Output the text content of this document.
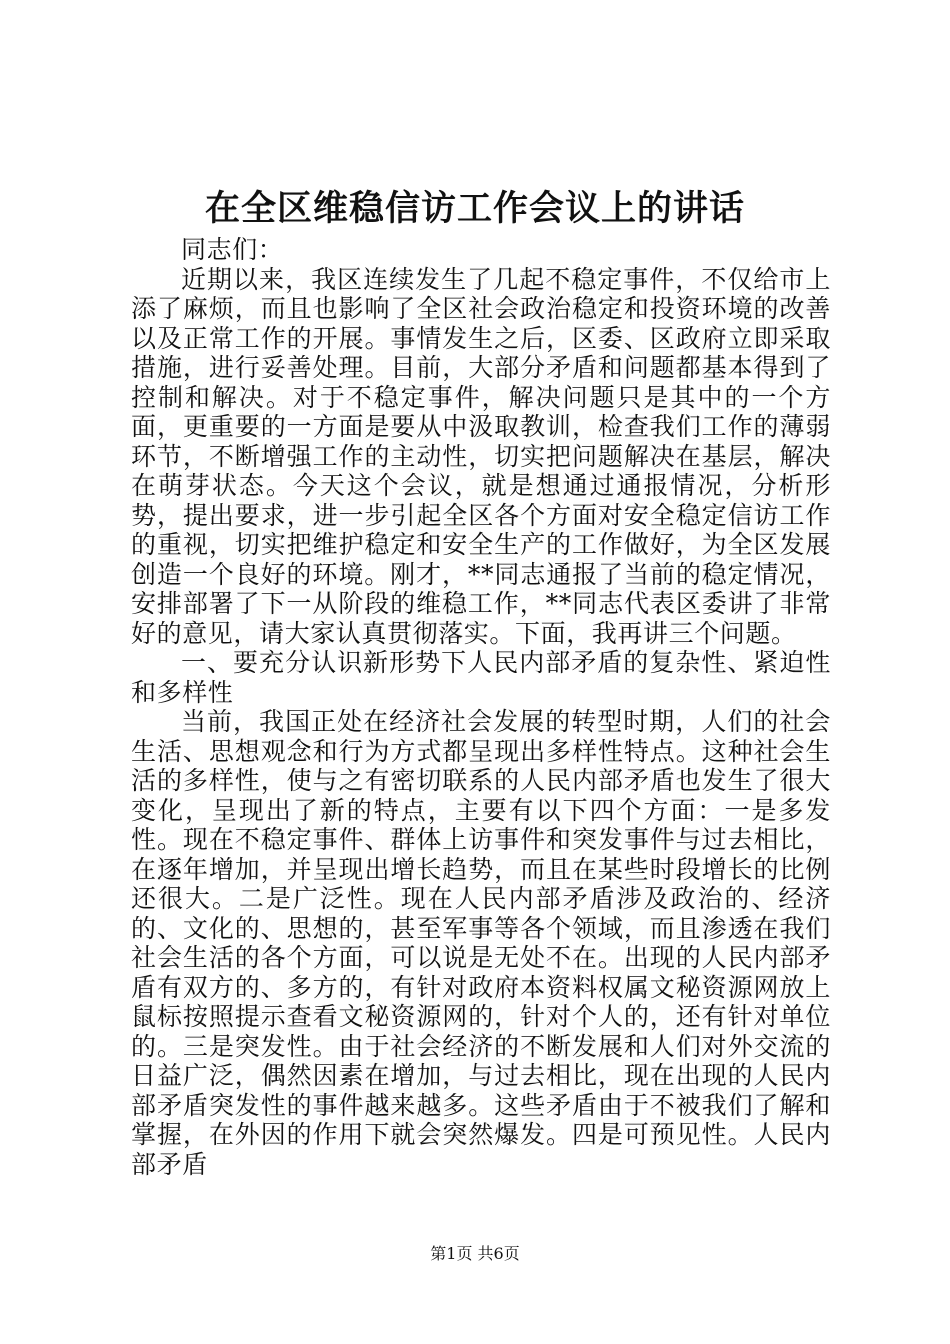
在全区维稳信访工作会议上的讲话

同志们：

近期以来，我区连续发生了几起不稳定事件，不仅给市上添了麻烦，而且也影响了全区社会政治稳定和投资环境的改善以及正常工作的开展。事情发生之后，区委、区政府立即采取措施，进行妥善处理。目前，大部分矛盾和问题都基本得到了控制和解决。对于不稳定事件，解决问题只是其中的一个方面，更重要的一方面是要从中汲取教训，检查我们工作的薄弱环节，不断增强工作的主动性，切实把问题解决在基层，解决在萌芽状态。今天这个会议，就是想通过通报情况，分析形势，提出要求，进一步引起全区各个方面对安全稳定信访工作的重视，切实把维护稳定和安全生产的工作做好，为全区发展创造一个良好的环境。刚才，**同志通报了当前的稳定情况，安排部署了下一从阶段的维稳工作，**同志代表区委讲了非常好的意见，请大家认真贯彻落实。下面，我再讲三个问题。

一、要充分认识新形势下人民内部矛盾的复杂性、紧迫性和多样性

当前，我国正处在经济社会发展的转型时期，人们的社会生活、思想观念和行为方式都呈现出多样性特点。这种社会生活的多样性，使与之有密切联系的人民内部矛盾也发生了很大变化，呈现出了新的特点，主要有以下四个方面：一是多发性。现在不稳定事件、群体上访事件和突发事件与过去相比，在逐年增加，并呈现出增长趋势，而且在某些时段增长的比例还很大。二是广泛性。现在人民内部矛盾涉及政治的、经济的、文化的、思想的，甚至军事等各个领域，而且渗透在我们社会生活的各个方面，可以说是无处不在。出现的人民内部矛盾有双方的、多方的，有针对政府本资料权属文秘资源网放上鼠标按照提示查看文秘资源网的，针对个人的，还有针对单位的。三是突发性。由于社会经济的不断发展和人们对外交流的日益广泛，偶然因素在增加，与过去相比，现在出现的人民内部矛盾突发性的事件越来越多。这些矛盾由于不被我们了解和掌握，在外因的作用下就会突然爆发。四是可预见性。人民内部矛盾

第1页 共6页
